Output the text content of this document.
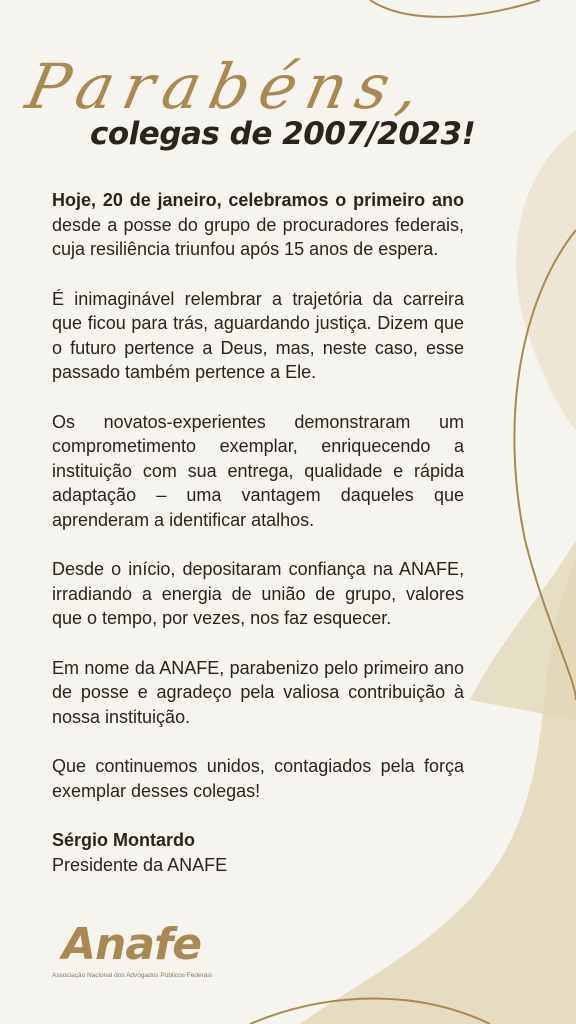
Parabéns,
colegas de 2007/2023!

Hoje, 20 de janeiro, celebramos o primeiro ano desde a posse do grupo de procuradores federais, cuja resiliência triunfou após 15 anos de espera.

É inimaginável relembrar a trajetória da carreira que ficou para trás, aguardando justiça. Dizem que o futuro pertence a Deus, mas, neste caso, esse passado também pertence a Ele.

Os novatos-experientes demonstraram um comprometimento exemplar, enriquecendo a instituição com sua entrega, qualidade e rápida adaptação – uma vantagem daqueles que aprenderam a identificar atalhos.

Desde o início, depositaram confiança na ANAFE, irradiando a energia de união de grupo, valores que o tempo, por vezes, nos faz esquecer.

Em nome da ANAFE, parabenizo pelo primeiro ano de posse e agradeço pela valiosa contribuição à nossa instituição.

Que continuemos unidos, contagiados pela força exemplar desses colegas!

Sérgio Montardo
Presidente da ANAFE

Anafe
Associação Nacional dos Advogados Públicos Federais
